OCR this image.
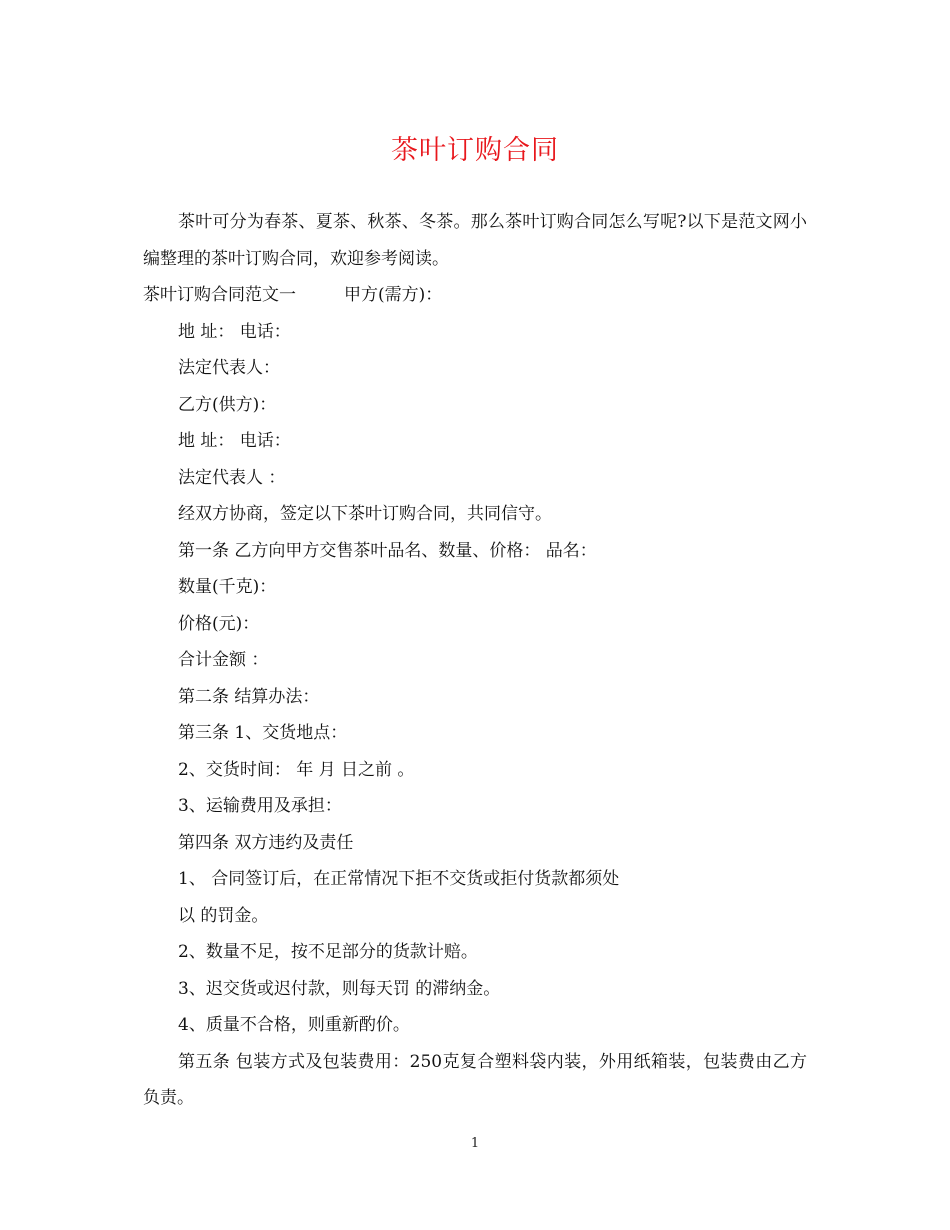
茶叶订购合同

茶叶可分为春茶、夏茶、秋茶、冬茶。那么茶叶订购合同怎么写呢?以下是范文网小编整理的茶叶订购合同，欢迎参考阅读。

茶叶订购合同范文一	甲方(需方)：

地 址： 电话：

法定代表人：

乙方(供方)：

地 址： 电话：

法定代表人 ：

经双方协商，签定以下茶叶订购合同，共同信守。

第一条 乙方向甲方交售茶叶品名、数量、价格： 品名：

数量(千克)：

价格(元)：

合计金额 ：

第二条 结算办法：

第三条 1、交货地点：

2、交货时间： 年 月 日之前 。

3、运输费用及承担：

第四条 双方违约及责任

1、 合同签订后，在正常情况下拒不交货或拒付货款都须处

以 的罚金。

2、数量不足，按不足部分的货款计赔。

3、迟交货或迟付款，则每天罚 的滞纳金。

4、质量不合格，则重新酌价。

第五条 包装方式及包装费用：250克复合塑料袋内装，外用纸箱装，包装费由乙方负责。

1
